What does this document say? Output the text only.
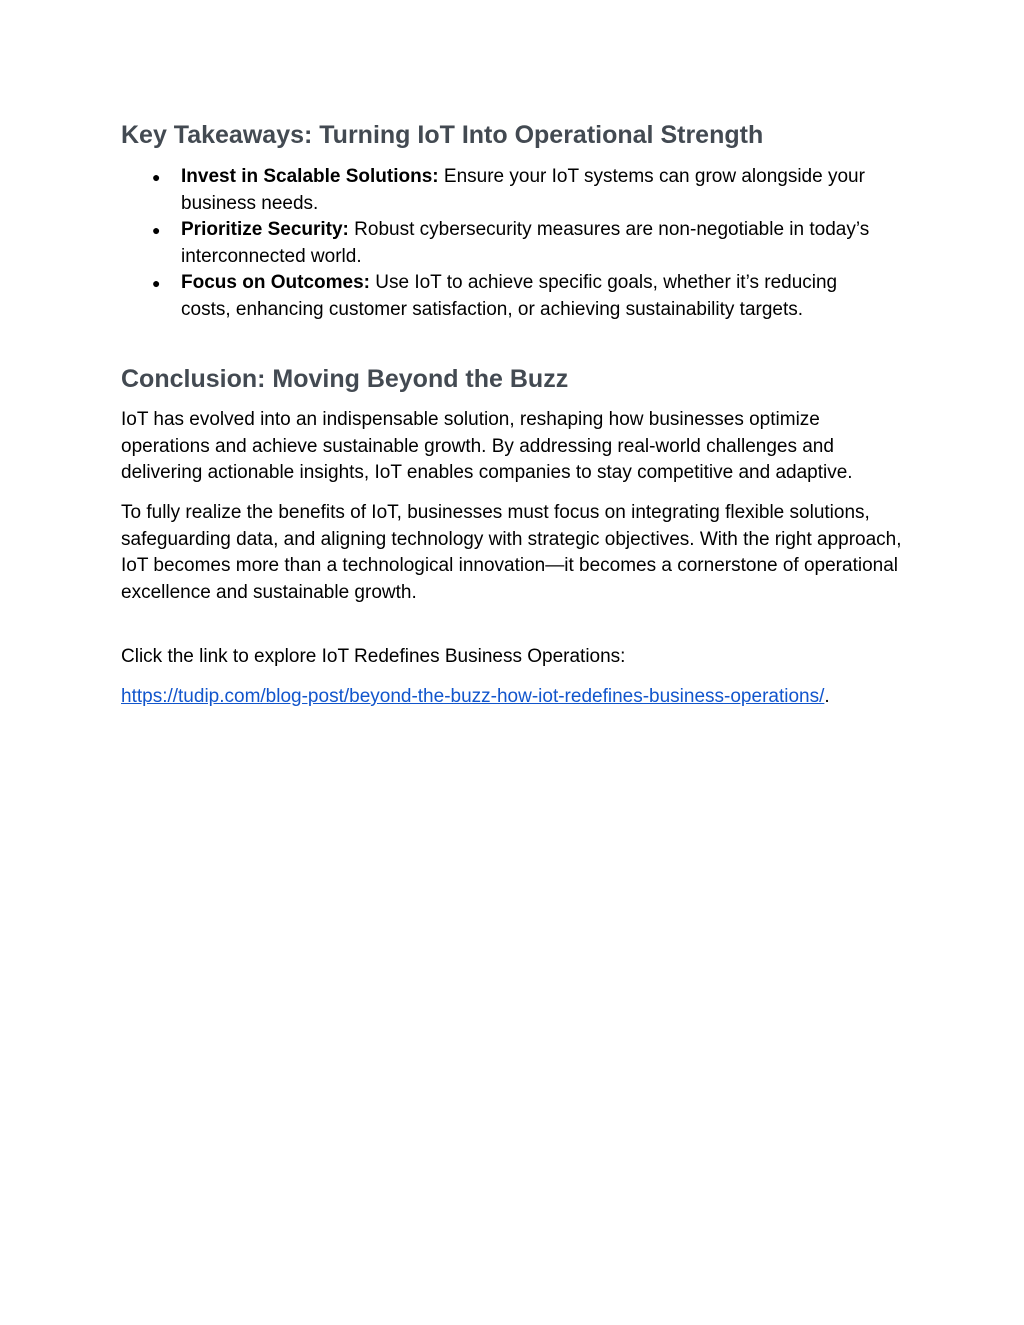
Key Takeaways: Turning IoT Into Operational Strength
● Invest in Scalable Solutions: Ensure your IoT systems can grow alongside your business needs.
● Prioritize Security: Robust cybersecurity measures are non-negotiable in today’s interconnected world.
● Focus on Outcomes: Use IoT to achieve specific goals, whether it’s reducing costs, enhancing customer satisfaction, or achieving sustainability targets.
Conclusion: Moving Beyond the Buzz

IoT has evolved into an indispensable solution, reshaping how businesses optimize operations and achieve sustainable growth. By addressing real-world challenges and delivering actionable insights, IoT enables companies to stay competitive and adaptive.

To fully realize the benefits of IoT, businesses must focus on integrating flexible solutions, safeguarding data, and aligning technology with strategic objectives. With the right approach, IoT becomes more than a technological innovation—it becomes a cornerstone of operational excellence and sustainable growth.

Click the link to explore IoT Redefines Business Operations:

https://tudip.com/blog-post/beyond-the-buzz-how-iot-redefines-business-operations/.
